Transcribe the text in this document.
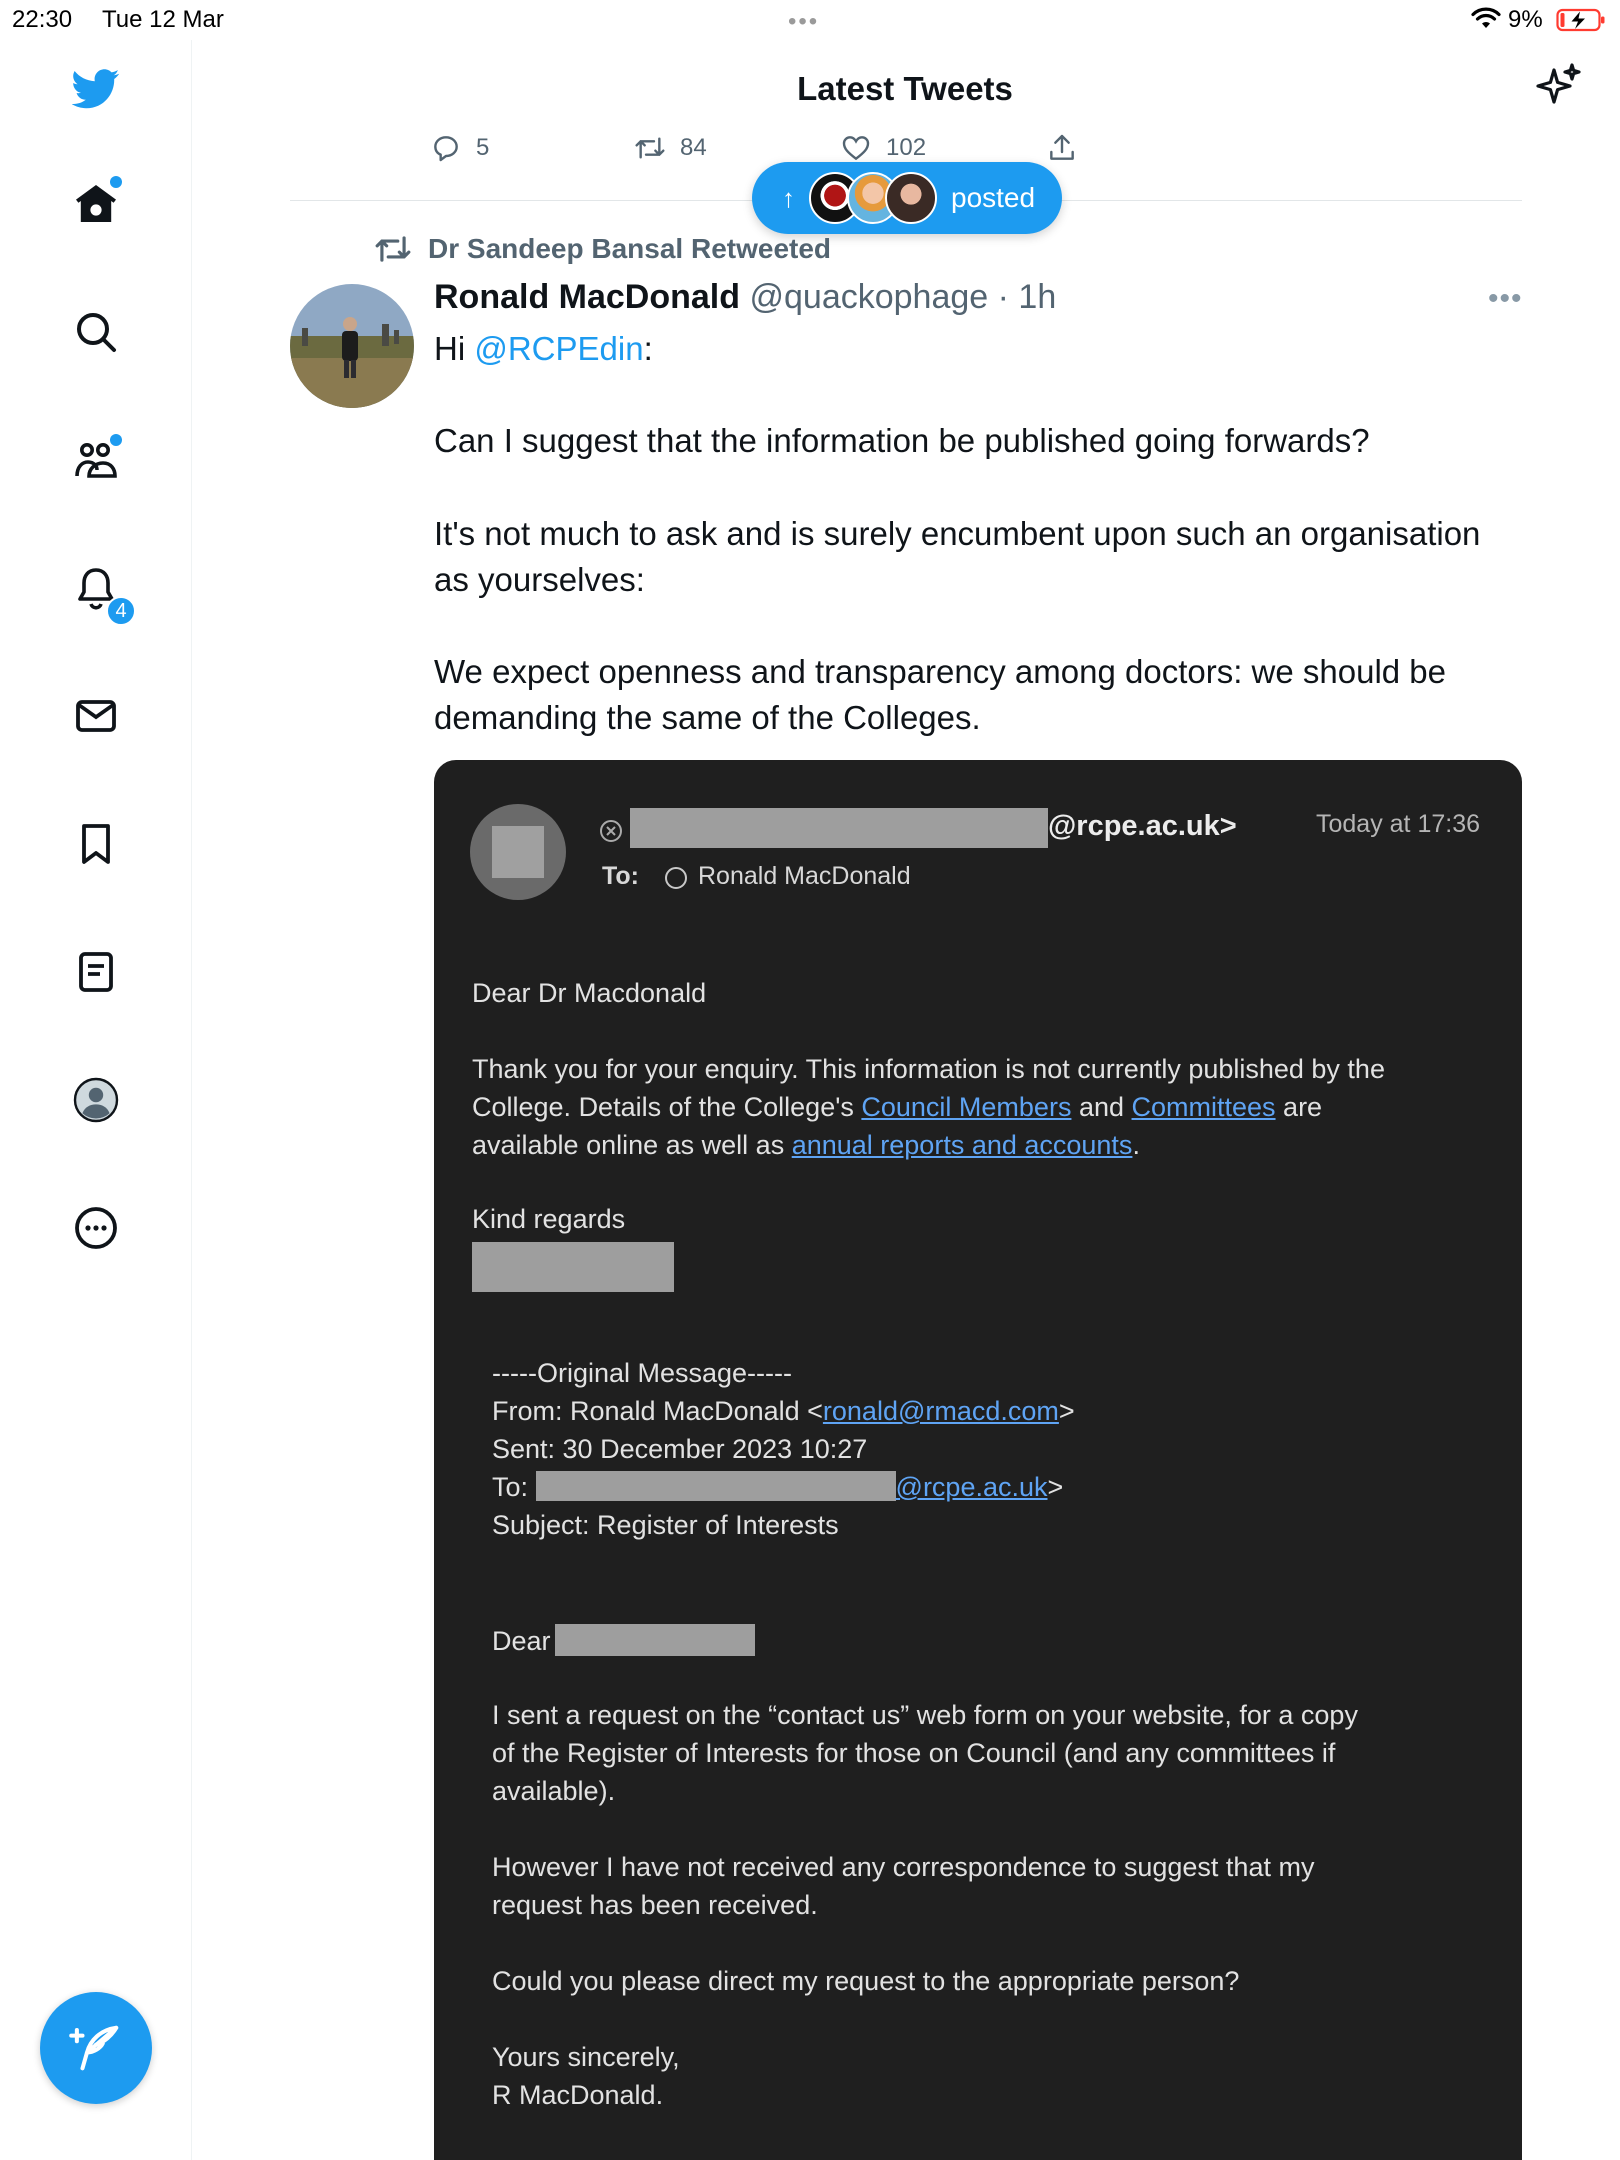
22:30 Tue 12 Mar	•••	9%
4
Latest Tweets
5	84	102
↑	posted
Dr Sandeep Bansal Retweeted
Ronald MacDonald @quackophage · 1h	•••
Hi @RCPEdin:
Can I suggest that the information be published going forwards?
It's not much to ask and is surely encumbent upon such an organisation
as yourselves:
We expect openness and transparency among doctors: we should be
demanding the same of the Colleges.
@rcpe.ac.uk>	Today at 17:36
To: Ronald MacDonald
Dear Dr Macdonald
Thank you for your enquiry. This information is not currently published by the
College. Details of the College's Council Members and Committees are
available online as well as annual reports and accounts.
Kind regards
-----Original Message-----
From: Ronald MacDonald <ronald@rmacd.com>
Sent: 30 December 2023 10:27
To:	@rcpe.ac.uk>
Subject: Register of Interests
Dear
I sent a request on the “contact us” web form on your website, for a copy
of the Register of Interests for those on Council (and any committees if
available).
However I have not received any correspondence to suggest that my
request has been received.
Could you please direct my request to the appropriate person?
Yours sincerely,
R MacDonald.
